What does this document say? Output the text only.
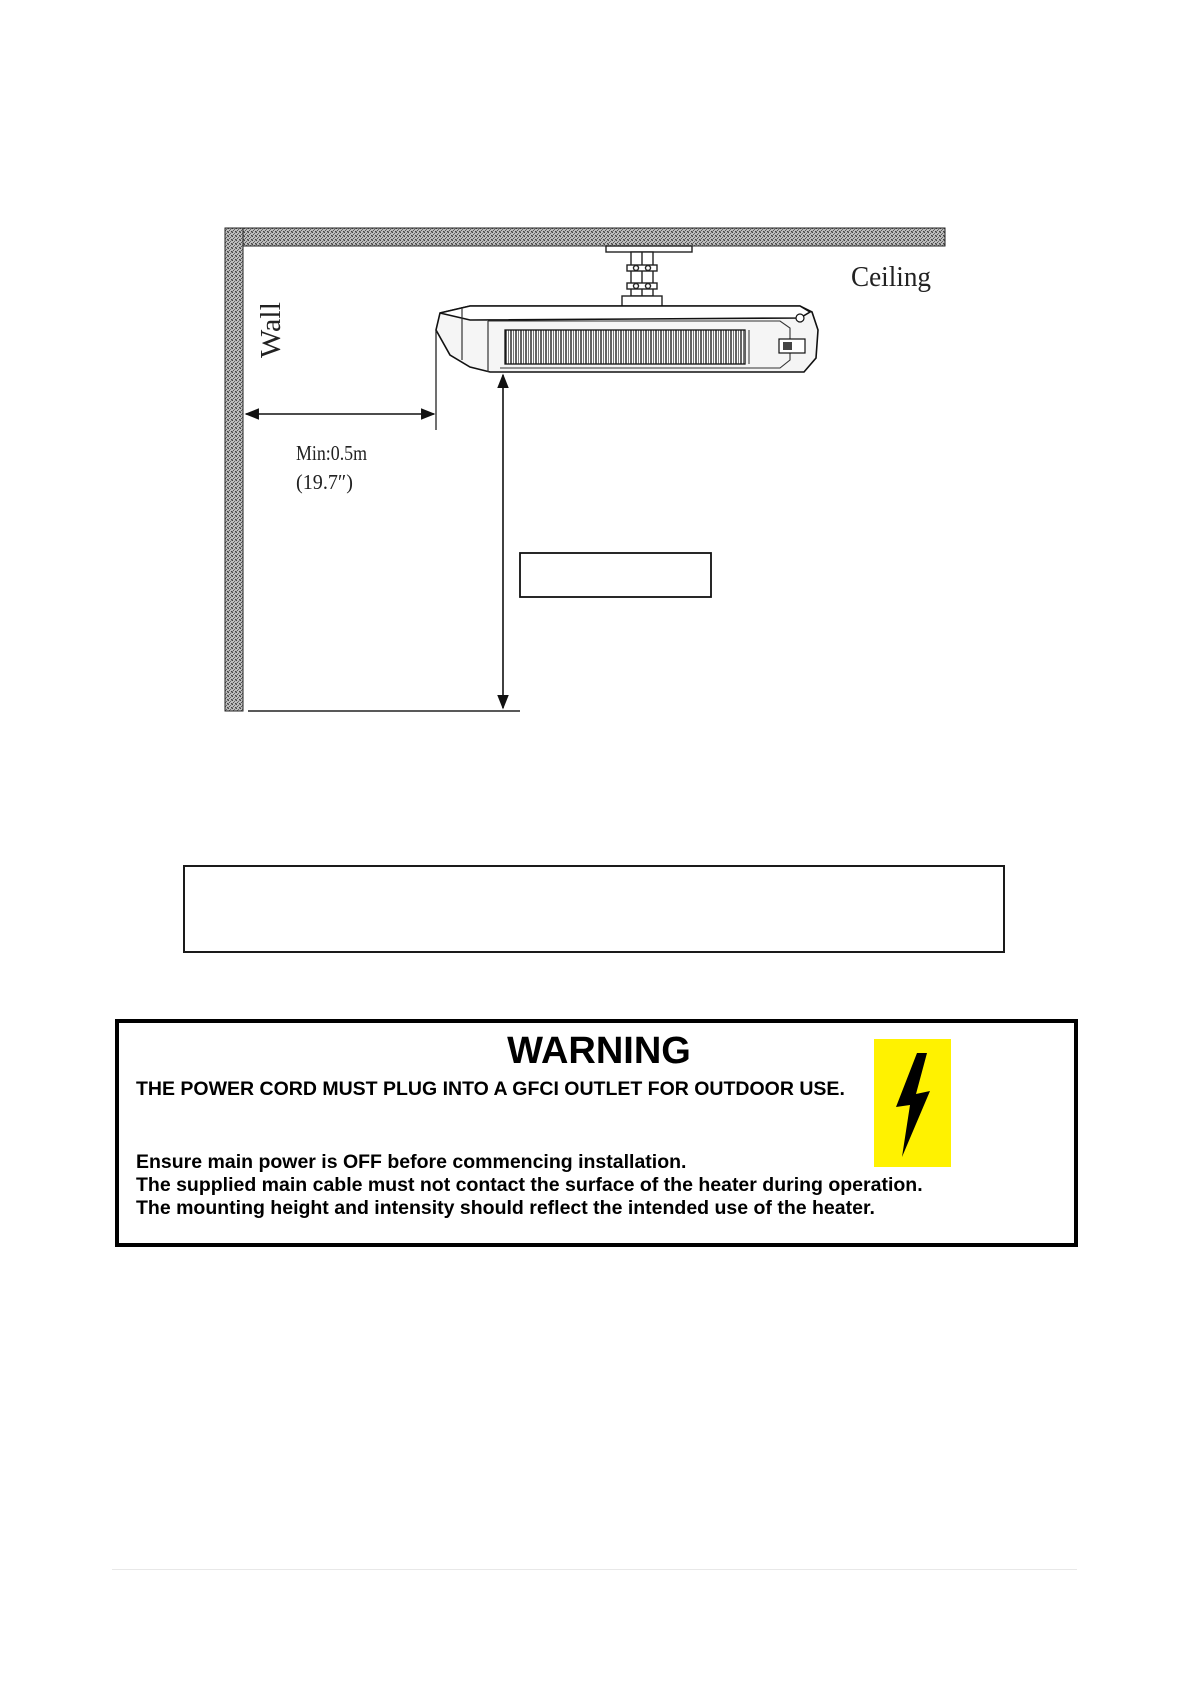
Ceiling
Wall
Min:0.5m
(19.7″)
WARNING
THE POWER CORD MUST PLUG INTO A GFCI OUTLET FOR OUTDOOR USE.
Ensure main power is OFF before commencing installation.
The supplied main cable must not contact the surface of the heater during operation.
The mounting height and intensity should reflect the intended use of the heater.
